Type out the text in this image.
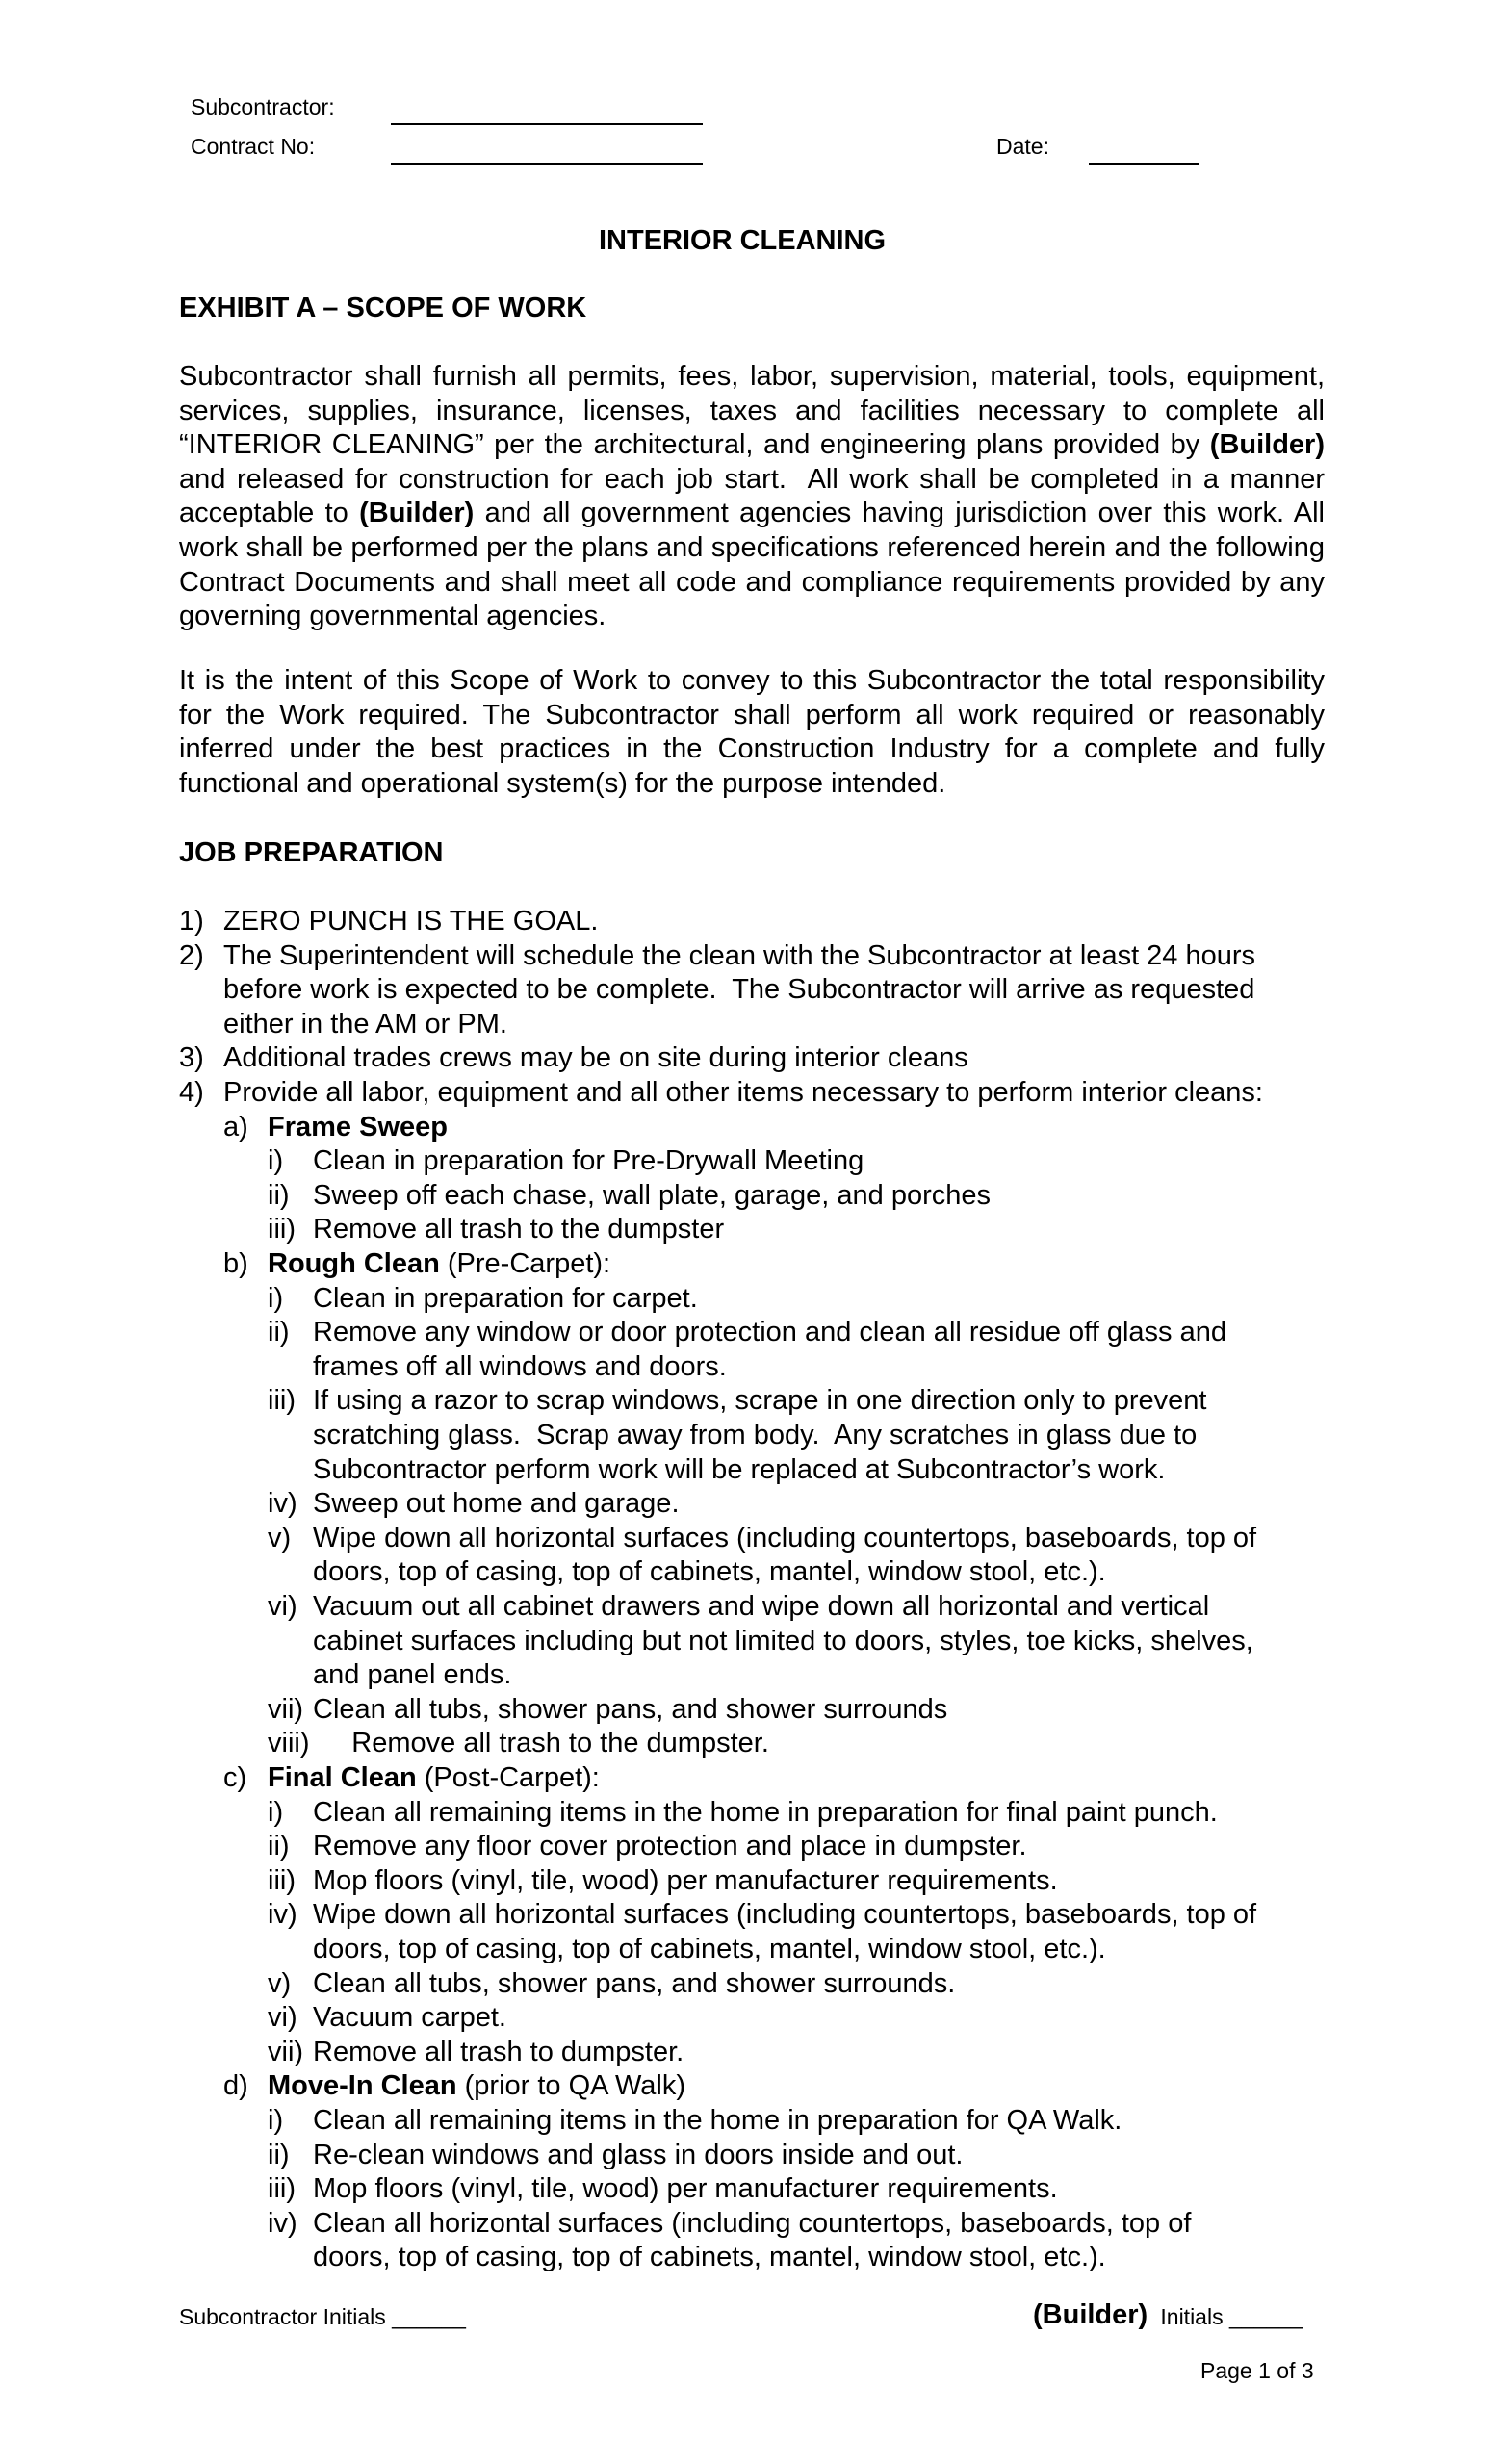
Subcontractor:
Contract No:	Date:
INTERIOR CLEANING
EXHIBIT A – SCOPE OF WORK
Subcontractor shall furnish all permits, fees, labor, supervision, material, tools, equipment, services, supplies, insurance, licenses, taxes and facilities necessary to complete all “INTERIOR CLEANING” per the architectural, and engineering plans provided by (Builder)    and released for construction for each job start.  All work shall be completed in a manner acceptable to (Builder) and all government agencies having jurisdiction over this work. All work shall be performed per the plans and specifications referenced herein and the following Contract Documents and shall meet all code and compliance requirements provided by any governing governmental agencies.
It is the intent of this Scope of Work to convey to this Subcontractor the total responsibility for the Work required. The Subcontractor shall perform all work required or reasonably inferred under the best practices in the Construction Industry for a complete and fully functional and operational system(s) for the purpose intended.
JOB PREPARATION
1) ZERO PUNCH IS THE GOAL.
2) The Superintendent will schedule the clean with the Subcontractor at least 24 hours
before work is expected to be complete.  The Subcontractor will arrive as requested
either in the AM or PM.
3) Additional trades crews may be on site during interior cleans
4) Provide all labor, equipment and all other items necessary to perform interior cleans:
a) Frame Sweep
i) Clean in preparation for Pre-Drywall Meeting
ii) Sweep off each chase, wall plate, garage, and porches
iii) Remove all trash to the dumpster
b) Rough Clean (Pre-Carpet):
i) Clean in preparation for carpet.
ii) Remove any window or door protection and clean all residue off glass and
frames off all windows and doors.
iii) If using a razor to scrap windows, scrape in one direction only to prevent
scratching glass.  Scrap away from body.  Any scratches in glass due to
Subcontractor perform work will be replaced at Subcontractor’s work.
iv) Sweep out home and garage.
v) Wipe down all horizontal surfaces (including countertops, baseboards, top of
doors, top of casing, top of cabinets, mantel, window stool, etc.).
vi) Vacuum out all cabinet drawers and wipe down all horizontal and vertical
cabinet surfaces including but not limited to doors, styles, toe kicks, shelves,
and panel ends.
vii) Clean all tubs, shower pans, and shower surrounds
viii) Remove all trash to the dumpster.
c) Final Clean (Post-Carpet):
i) Clean all remaining items in the home in preparation for final paint punch.
ii) Remove any floor cover protection and place in dumpster.
iii) Mop floors (vinyl, tile, wood) per manufacturer requirements.
iv) Wipe down all horizontal surfaces (including countertops, baseboards, top of
doors, top of casing, top of cabinets, mantel, window stool, etc.).
v) Clean all tubs, shower pans, and shower surrounds.
vi) Vacuum carpet.
vii) Remove all trash to dumpster.
d) Move-In Clean (prior to QA Walk)
i) Clean all remaining items in the home in preparation for QA Walk.
ii) Re-clean windows and glass in doors inside and out.
iii) Mop floors (vinyl, tile, wood) per manufacturer requirements.
iv) Clean all horizontal surfaces (including countertops, baseboards, top of
doors, top of casing, top of cabinets, mantel, window stool, etc.).
Subcontractor Initials ______	(Builder) Initials ______
Page 1 of 3
